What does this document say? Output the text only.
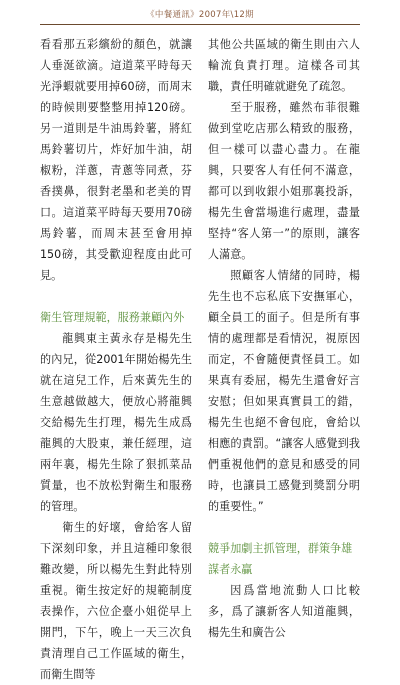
《中餐通訊》2007年\12期

看看那五彩繽紛的顏色，就讓人垂涎欲滴。這道菜平時每天光淨蝦就要用掉60磅，而周末的時候則要整整用掉120磅。另一道則是牛油馬鈴薯，將紅馬鈴薯切片，炸好加牛油，胡椒粉，洋蔥，青蔥等同煮，芬香撲鼻，很對老墨和老美的胃口。這道菜平時每天要用70磅馬鈴薯，而周末甚至會用掉150磅，其受歡迎程度由此可見。

衛生管理規範，服務兼顧內外

龍興東主黃永存是楊先生的內兄，從2001年開始楊先生就在這兒工作，后來黃先生的生意越做越大，便放心將龍興交給楊先生打理，楊先生成爲龍興的大股東，兼任經理，這兩年裏，楊先生除了狠抓菜品質量，也不放松對衛生和服務的管理。

衛生的好壞，會給客人留下深刻印象，并且這種印象很難改變，所以楊先生對此特別重視。衛生按定好的規範制度表操作，六位企臺小姐從早上開門，下午，晚上一天三次負責清理自己工作區域的衛生，而衛生間等

其他公共區域的衛生則由六人輪流負責打理。這樣各司其職，責任明確就避免了疏忽。

至于服務，雖然布菲很難做到堂吃店那么精致的服務，但一樣可以盡心盡力。在龍興，只要客人有任何不滿意，都可以到收銀小姐那裏投訴，楊先生會當場進行處理，盡量堅持“客人第一”的原則，讓客人滿意。

照顧客人情緒的同時，楊先生也不忘私底下安撫軍心，顧全員工的面子。但是所有事情的處理都是看情況，視原因而定，不會隨便責怪員工。如果真有委屈，楊先生還會好言安慰；但如果真實員工的錯，楊先生也絕不會包庇，會給以相應的責罰。“讓客人感覺到我們重視他們的意見和感受的同時，也讓員工感覺到獎罰分明的重要性。”

競爭加劇主抓管理，群策争雄謀者永贏

因爲當地流動人口比較多，爲了讓新客人知道龍興，楊先生和廣告公
